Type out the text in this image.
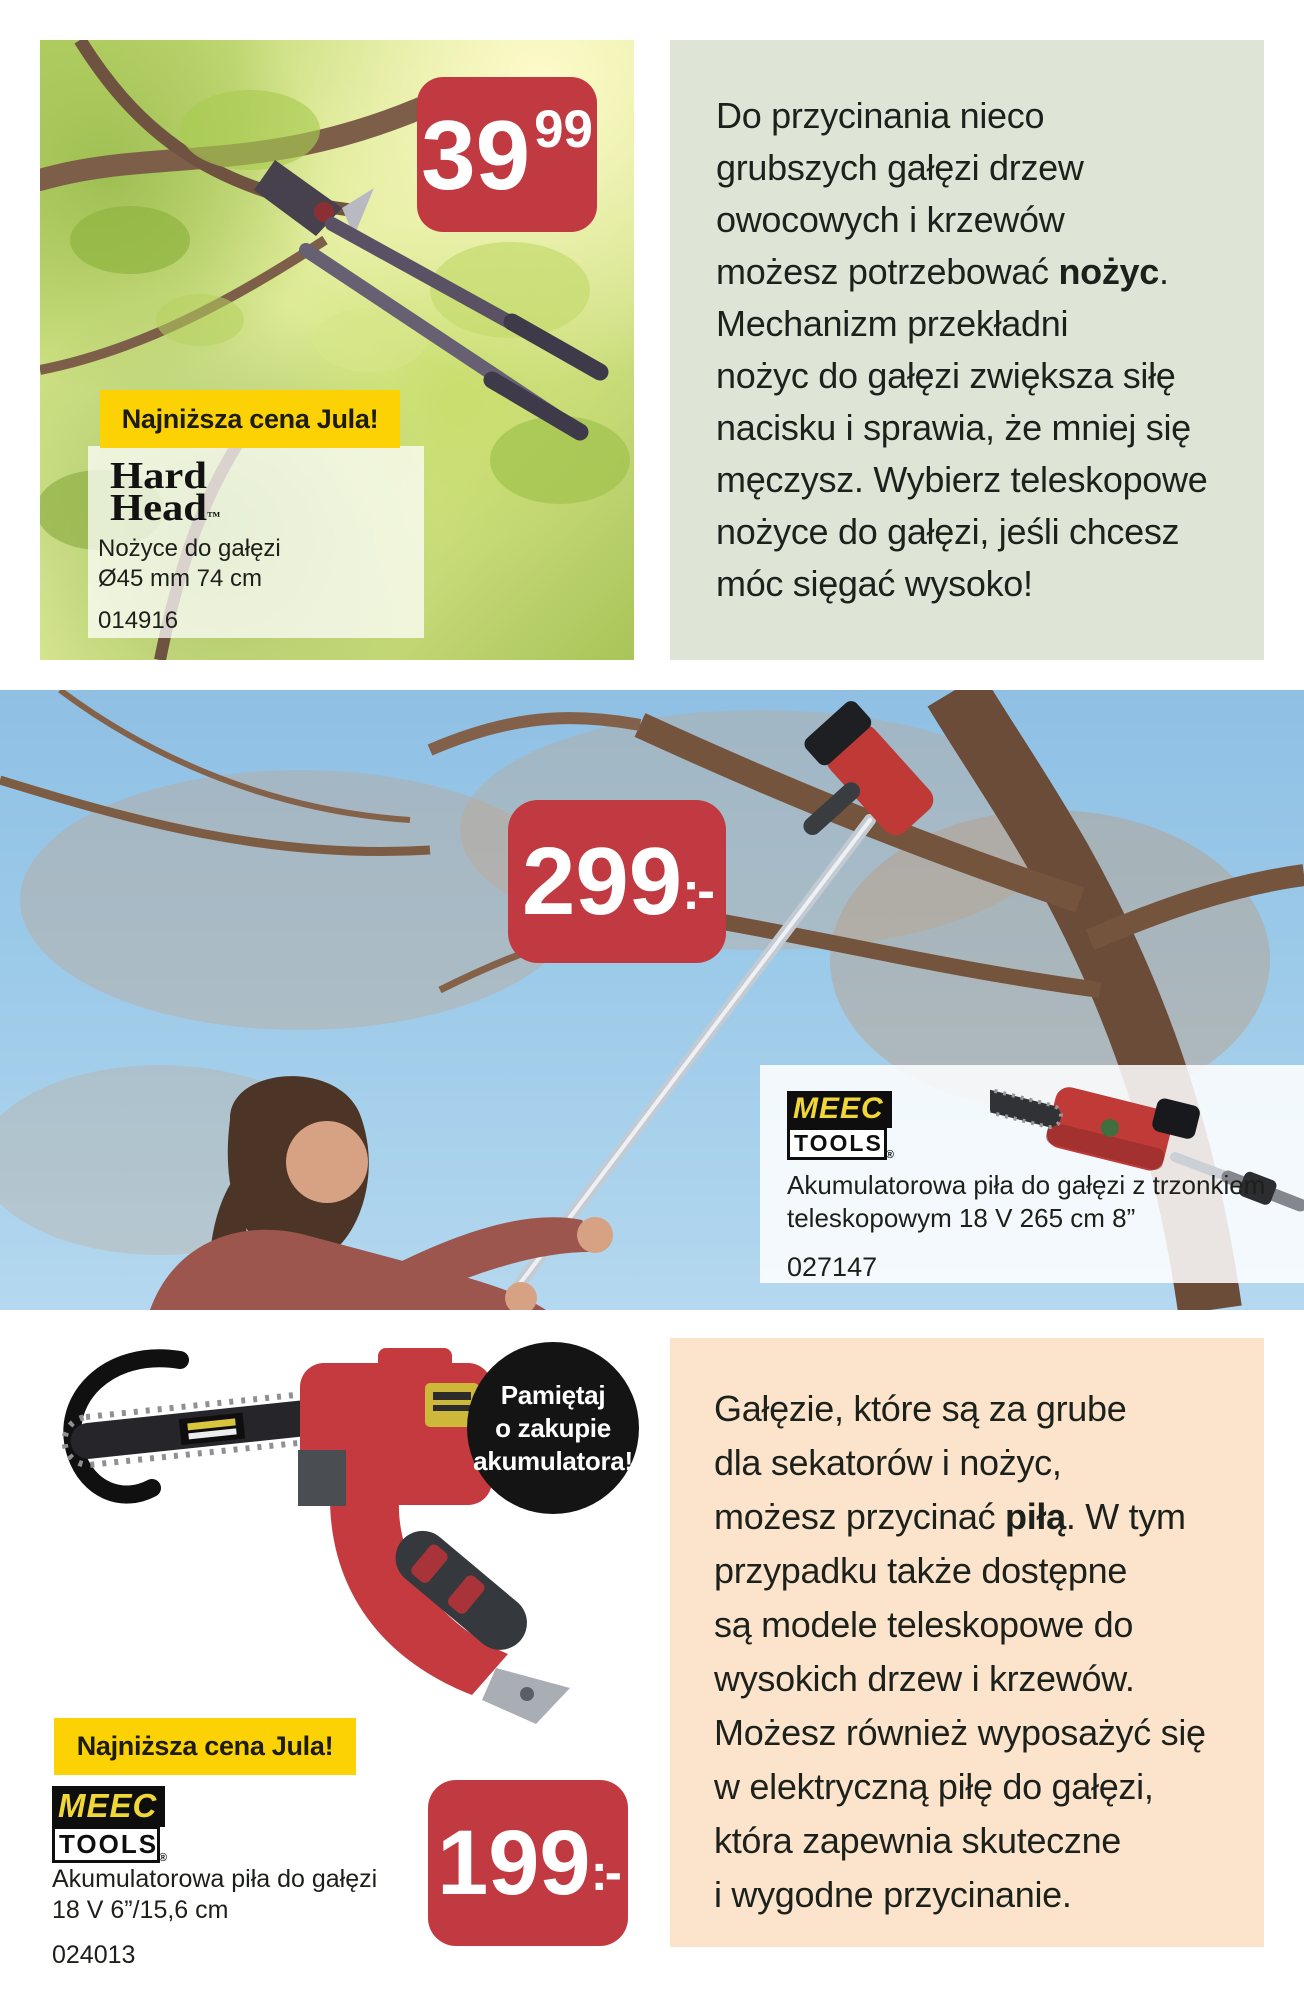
39 99
Najniższa cena Jula!
Hard
Head™
Nożyce do gałęzi
Ø45 mm 74 cm
014916
Do przycinania nieco
grubszych gałęzi drzew
owocowych i krzewów
możesz potrzebować nożyc.
Mechanizm przekładni
nożyc do gałęzi zwiększa siłę
nacisku i sprawia, że mniej się
męczysz. Wybierz teleskopowe
nożyce do gałęzi, jeśli chcesz
móc sięgać wysoko!
299 :-
MEEC
TOOLS ®
Akumulatorowa piła do gałęzi z trzonkiem
teleskopowym 18 V 265 cm 8”
027147
Pamiętaj
o zakupie
akumulatora!
Najniższa cena Jula!
MEEC
TOOLS ®
Akumulatorowa piła do gałęzi
18 V 6”/15,6 cm
024013
199 :-
Gałęzie, które są za grube
dla sekatorów i nożyc,
możesz przycinać piłą. W tym
przypadku także dostępne
są modele teleskopowe do
wysokich drzew i krzewów.
Możesz również wyposażyć się
w elektryczną piłę do gałęzi,
która zapewnia skuteczne
i wygodne przycinanie.
